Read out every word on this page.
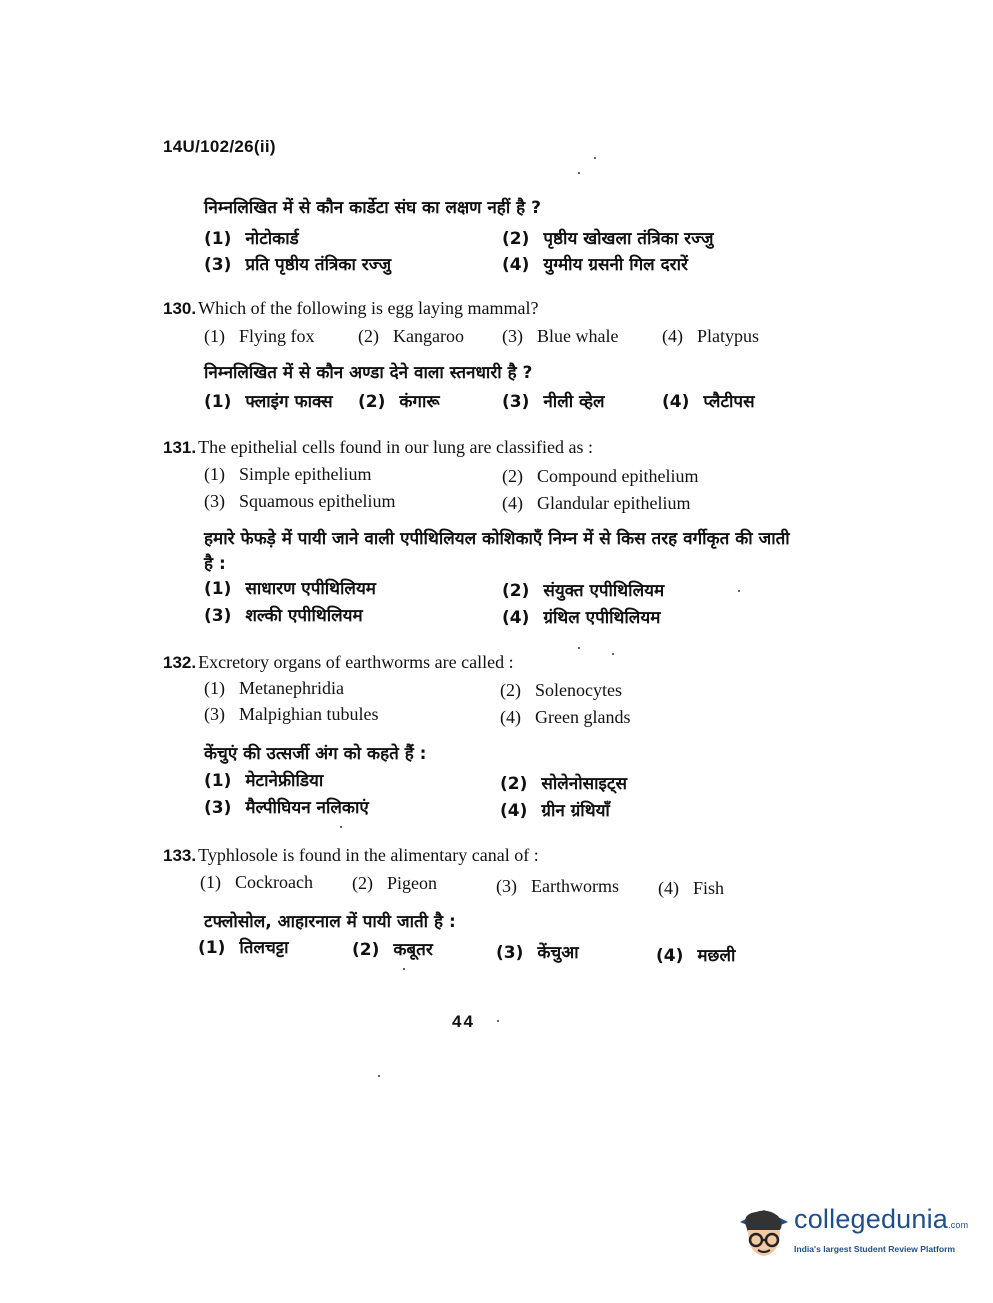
14U/102/26(ii)
निम्नलिखित में से कौन कार्डेटा संघ का लक्षण नहीं है ?
(1) नोटोकार्ड	(2) पृष्ठीय खोखला तंत्रिका रज्जु
(3) प्रति पृष्ठीय तंत्रिका रज्जु	(4) युग्मीय ग्रसनी गिल दरारें
130. Which of the following is egg laying mammal?
(1) Flying fox (2) Kangaroo (3) Blue whale (4) Platypus
निम्नलिखित में से कौन अण्डा देने वाला स्तनधारी है ?
(1) फ्लाइंग फाक्स (2) कंगारू	(3) नीली व्हेल	(4) प्लैटीपस
131. The epithelial cells found in our lung are classified as :
(1) Simple epithelium	(2) Compound epithelium
(3) Squamous epithelium	(4) Glandular epithelium
हमारे फेफड़े में पायी जाने वाली एपीथिलियल कोशिकाएँ निम्न में से किस तरह वर्गीकृत की जाती है :
(1) साधारण एपीथिलियम	(2) संयुक्त एपीथिलियम
(3) शल्की एपीथिलियम	(4) ग्रंथिल एपीथिलियम
132. Excretory organs of earthworms are called :
(1) Metanephridia	(2) Solenocytes
(3) Malpighian tubules	(4) Green glands
केंचुएं की उत्सर्जी अंग को कहते हैं :
(1) मेटानेफ्रीडिया	(2) सोलेनोसाइट्स
(3) मैल्पीघियन नलिकाएं	(4) ग्रीन ग्रंथियाँ
133. Typhlosole is found in the alimentary canal of :
(1) Cockroach (2) Pigeon	(3) Earthworms (4) Fish
टफ्लोसोल, आहारनाल में पायी जाती है :
(1) तिलचट्टा	(2) कबूतर	(3) केंचुआ	(4) मछली
44
collegedunia.com
India's largest Student Review Platform
